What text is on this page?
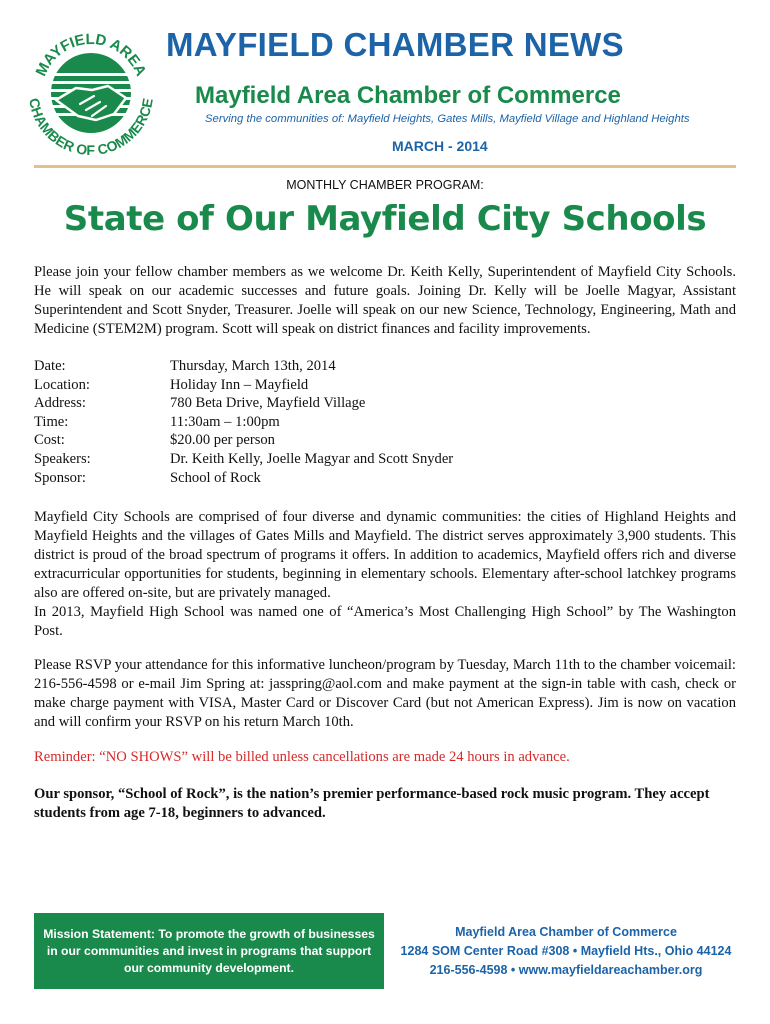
MAYFIELD AREA
CHAMBER OF COMMERCE
MAYFIELD CHAMBER NEWS
Mayfield Area Chamber of Commerce
Serving the communities of: Mayfield Heights, Gates Mills, Mayfield Village and Highland Heights
MARCH - 2014
MONTHLY CHAMBER PROGRAM:
State of Our Mayfield City Schools

Please join your fellow chamber members as we welcome Dr. Keith Kelly, Superintendent of Mayfield City Schools. He will speak on our academic successes and future goals. Joining Dr. Kelly will be Joelle Magyar, Assistant Superintendent and Scott Snyder, Treasurer. Joelle will speak on our new Science, Technology, Engineering, Math and Medicine (STEM2M) program. Scott will speak on district finances and facility improvements.

Date:	Thursday, March 13th, 2014
Location:	Holiday Inn – Mayfield
Address:	780 Beta Drive, Mayfield Village
Time:	11:30am – 1:00pm
Cost:	$20.00 per person
Speakers:	Dr. Keith Kelly, Joelle Magyar and Scott Snyder
Sponsor:	School of Rock
Mayfield City Schools are comprised of four diverse and dynamic communities: the cities of Highland Heights and Mayfield Heights and the villages of Gates Mills and Mayfield. The district serves approximately 3,900 students. This district is proud of the broad spectrum of programs it offers. In addition to academics, Mayfield offers rich and diverse extracurricular opportunities for students, beginning in elementary schools. Elementary after-school latchkey programs also are offered on-site, but are privately managed.
In 2013, Mayfield High School was named one of “America’s Most Challenging High School” by The Washington Post.

Please RSVP your attendance for this informative luncheon/program by Tuesday, March 11th to the chamber voicemail: 216-556-4598 or e-mail Jim Spring at: jasspring@aol.com and make payment at the sign-in table with cash, check or make charge payment with VISA, Master Card or Discover Card (but not American Express). Jim is now on vacation and will confirm your RSVP on his return March 10th.

Reminder: “NO SHOWS” will be billed unless cancellations are made 24 hours in advance.

Our sponsor, “School of Rock”, is the nation’s premier performance-based rock music program. They accept students from age 7-18, beginners to advanced.

Mission Statement: To promote the growth of businesses in our communities and invest in programs that support our community development.
Mayfield Area Chamber of Commerce
1284 SOM Center Road #308 • Mayfield Hts., Ohio 44124
216-556-4598 • www.mayfieldareachamber.org
